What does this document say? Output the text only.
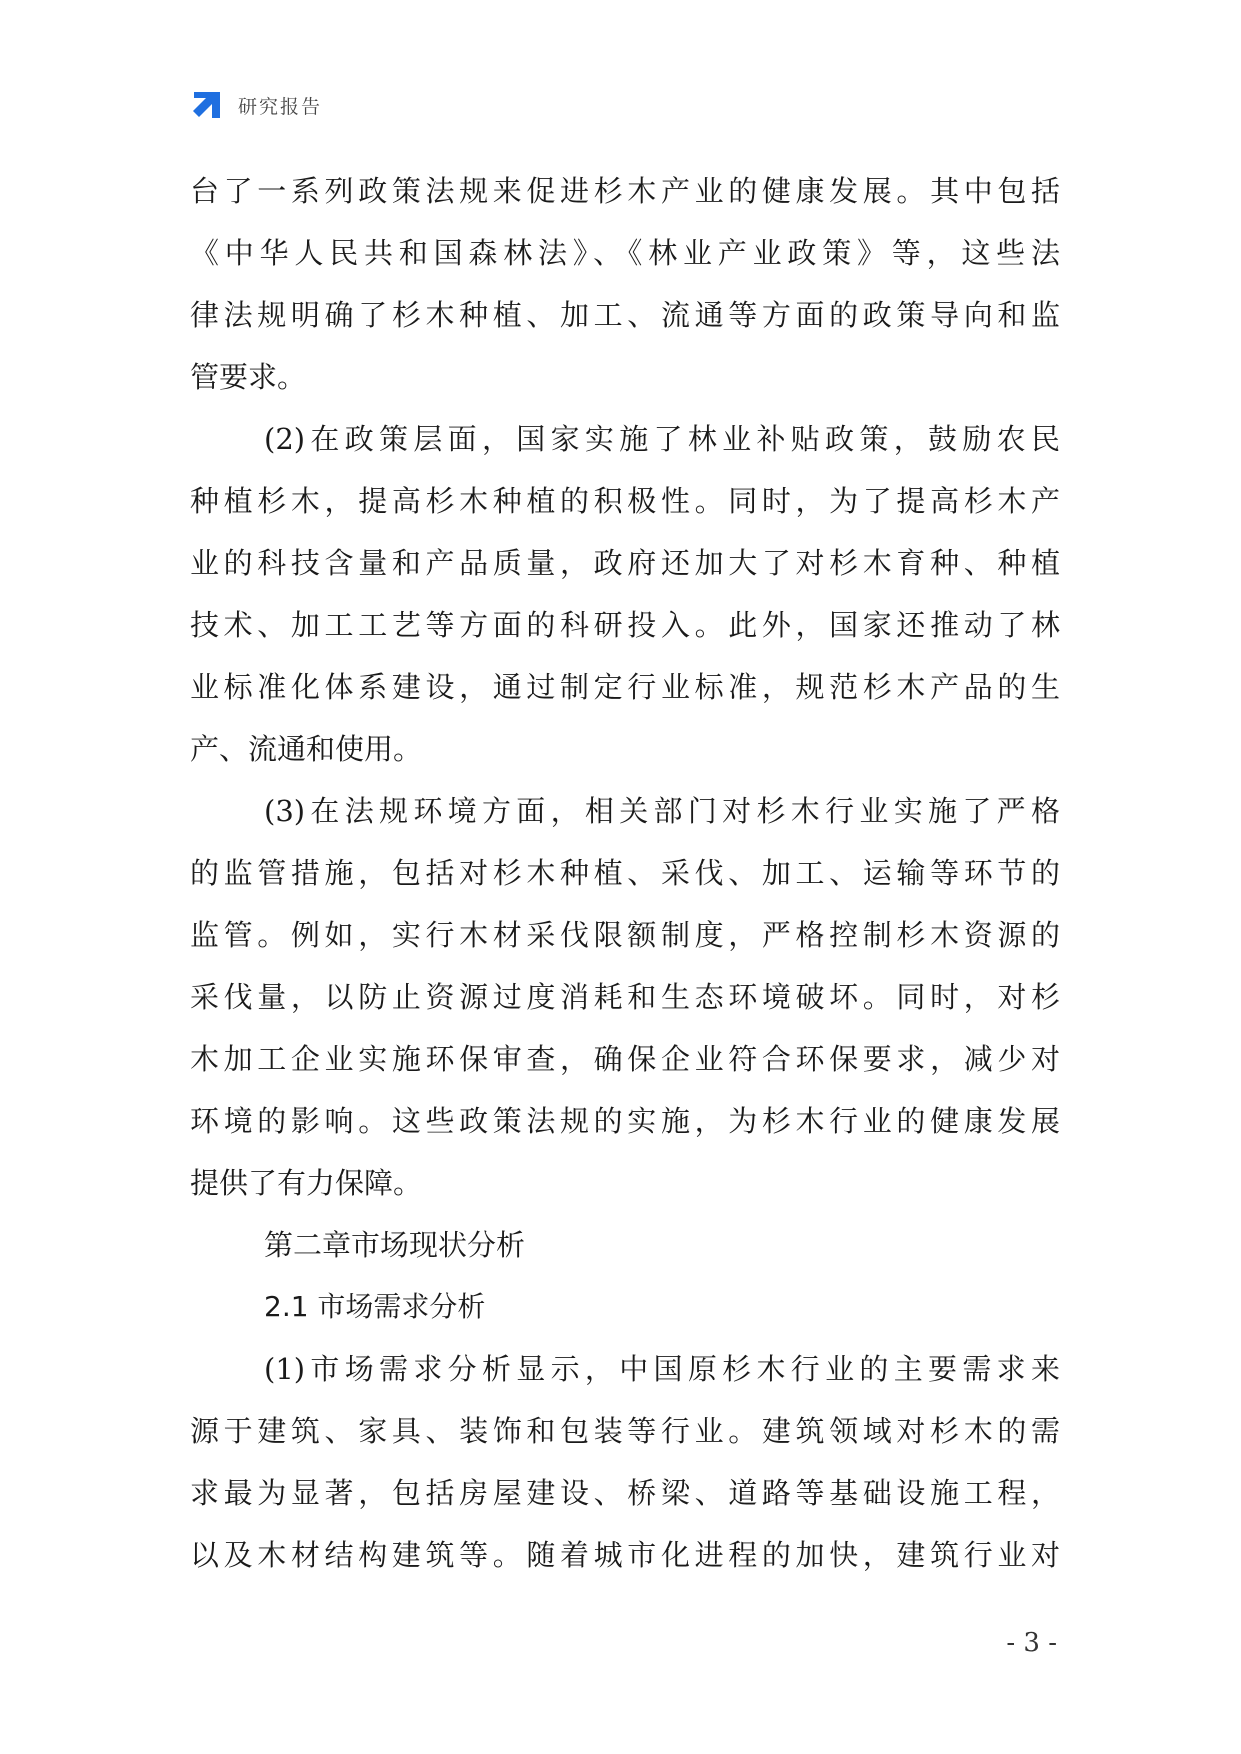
研究报告
台了一系列政策法规来促进杉木产业的健康发展。其中包括
《中华人民共和国森林法》、《林业产业政策》等，这些法
律法规明确了杉木种植、加工、流通等方面的政策导向和监
管要求。
(2)在政策层面，国家实施了林业补贴政策，鼓励农民
种植杉木，提高杉木种植的积极性。同时，为了提高杉木产
业的科技含量和产品质量，政府还加大了对杉木育种、种植
技术、加工工艺等方面的科研投入。此外，国家还推动了林
业标准化体系建设，通过制定行业标准，规范杉木产品的生
产、流通和使用。
(3)在法规环境方面，相关部门对杉木行业实施了严格
的监管措施，包括对杉木种植、采伐、加工、运输等环节的
监管。例如，实行木材采伐限额制度，严格控制杉木资源的
采伐量，以防止资源过度消耗和生态环境破坏。同时，对杉
木加工企业实施环保审查，确保企业符合环保要求，减少对
环境的影响。这些政策法规的实施，为杉木行业的健康发展
提供了有力保障。
第二章市场现状分析
2.1 市场需求分析
(1)市场需求分析显示，中国原杉木行业的主要需求来
源于建筑、家具、装饰和包装等行业。建筑领域对杉木的需
求最为显著，包括房屋建设、桥梁、道路等基础设施工程，
以及木材结构建筑等。随着城市化进程的加快，建筑行业对
- 3 -
